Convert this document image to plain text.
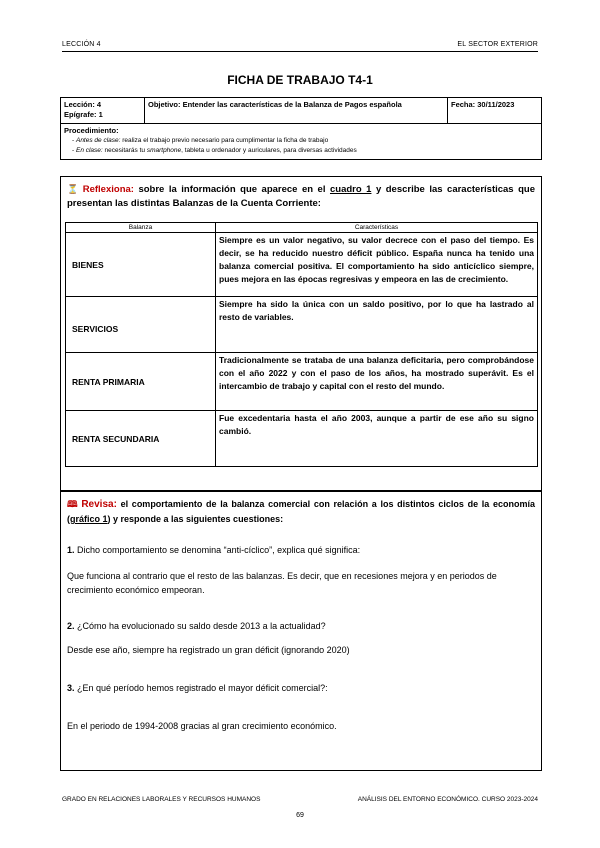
LECCIÓN 4	EL SECTOR EXTERIOR
FICHA DE TRABAJO T4-1
Lección: 4
Epígrafe: 1
Objetivo: Entender las características de la Balanza de Pagos española	Fecha: 30/11/2023
Procedimiento:
- Antes de clase: realiza el trabajo previo necesario para cumplimentar la ficha de trabajo
- En clase: necesitarás tu smartphone, tableta u ordenador y auriculares, para diversas actividades
⏳ Reflexiona: sobre la información que aparece en el cuadro 1 y describe las características que presentan las distintas Balanzas de la Cuenta Corriente:
Balanza	Características
BIENES	Siempre es un valor negativo, su valor decrece con el paso del tiempo. Es decir, se ha reducido nuestro déficit público. España nunca ha tenido una balanza comercial positiva. El comportamiento ha sido anticíclico siempre, pues mejora en las épocas regresivas y empeora en las de crecimiento.
SERVICIOS	Siempre ha sido la única con un saldo positivo, por lo que ha lastrado al resto de variables.
RENTA PRIMARIA	Tradicionalmente se trataba de una balanza deficitaria, pero comprobándose con el año 2022 y con el paso de los años, ha mostrado superávit. Es el intercambio de trabajo y capital con el resto del mundo.
RENTA SECUNDARIA	Fue excedentaria hasta el año 2003, aunque a partir de ese año su signo cambió.
🕮 Revisa: el comportamiento de la balanza comercial con relación a los distintos ciclos de la economía (gráfico 1) y responde a las siguientes cuestiones:
1. Dicho comportamiento se denomina “anti-cíclico”, explica qué significa:
Que funciona al contrario que el resto de las balanzas. Es decir, que en recesiones mejora y en periodos de crecimiento económico empeoran.
2. ¿Cómo ha evolucionado su saldo desde 2013 a la actualidad?
Desde ese año, siempre ha registrado un gran déficit (ignorando 2020)
3. ¿En qué período hemos registrado el mayor déficit comercial?:
En el periodo de 1994-2008 gracias al gran crecimiento económico.
GRADO EN RELACIONES LABORALES Y RECURSOS HUMANOS	ANÁLISIS DEL ENTORNO ECONÓMICO. CURSO 2023-2024
69
